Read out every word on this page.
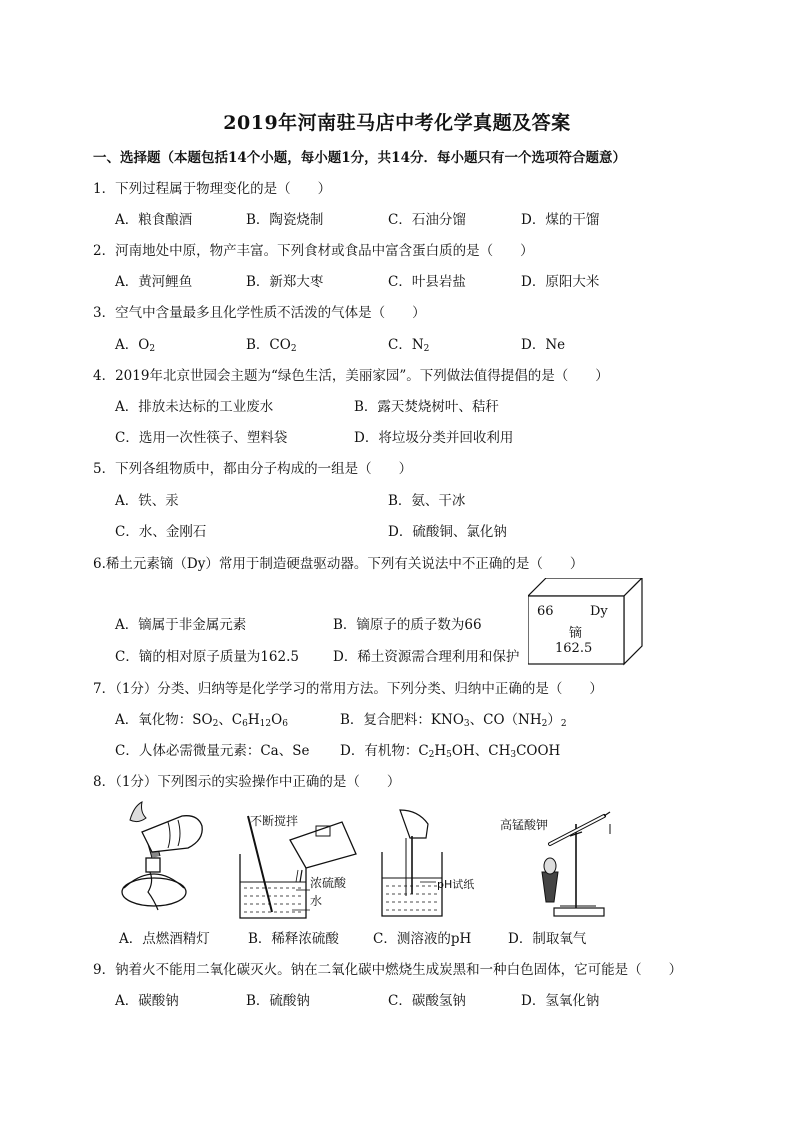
2019年河南驻马店中考化学真题及答案
一、选择题（本题包括14个小题，每小题1分，共14分．每小题只有一个选项符合题意）
1．下列过程属于物理变化的是（　　）
A．粮食酿酒	B．陶瓷烧制	C．石油分馏	D．煤的干馏
2．河南地处中原，物产丰富。下列食材或食品中富含蛋白质的是（　　）
A．黄河鲤鱼	B．新郑大枣	C．叶县岩盐	D．原阳大米
3．空气中含量最多且化学性质不活泼的气体是（　　）
A．$O_2$	B．$CO_2$	C．$N_2$	D．Ne
4．2019年北京世园会主题为“绿色生活，美丽家园”。下列做法值得提倡的是（　　）
A．排放未达标的工业废水	B．露天焚烧树叶、秸秆
C．选用一次性筷子、塑料袋	D．将垃圾分类并回收利用
5．下列各组物质中，都由分子构成的一组是（　　）
A．铁、汞	B．氨、干冰
C．水、金刚石	D．硫酸铜、氯化钠
6.稀土元素镝（Dy）常用于制造硬盘驱动器。下列有关说法中不正确的是（　　）
A．镝属于非金属元素	B．镝原子的质子数为66
C．镝的相对原子质量为162.5	D．稀土资源需合理利用和保护
66	Dy
镝
162.5
7．（1分）分类、归纳等是化学学习的常用方法。下列分类、归纳中正确的是（　　）
A．氧化物：$SO_2$、$C_6H_{12}O_6$	B．复合肥料：$KNO_3$、$CO(NH_2)_2$
C．人体必需微量元素：Ca、Se D．有机物：$C_2H_5OH$、$CH_3COOH$
8．（1分）下列图示的实验操作中正确的是（　　）
不断搅拌
浓硫酸
水
pH试纸
高锰酸钾
A．点燃酒精灯	B．稀释浓硫酸	C．测溶液的pH	D．制取氧气
9．钠着火不能用二氧化碳灭火。钠在二氧化碳中燃烧生成炭黑和一种白色固体，它可能是（　　）
A．碳酸钠	B．硫酸钠	C．碳酸氢钠	D．氢氧化钠
